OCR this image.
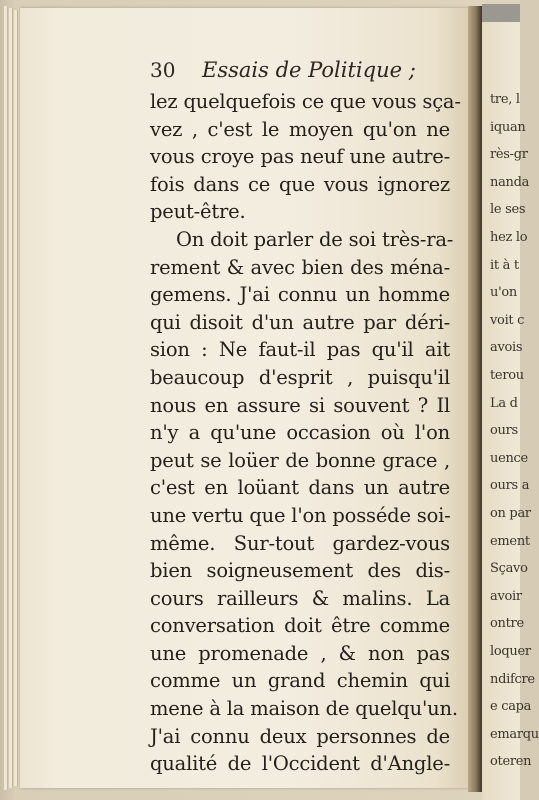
tre, l
iquan
rès-gr
nanda
le ses
hez lo
it à t
u'on
voit c
avois
terou
La d
ours
uence
ours a
on par
ement
Sçavo
avoir
ontre
loquer
ndifcre
e capa
emarqu
oteren
30 Essais de Politique ;
lez quelquefois ce que vous sça-
vez , c'est le moyen qu'on ne
vous croye pas neuf une autre-
fois dans ce que vous ignorez
peut-être.
On doit parler de soi très-ra-
rement & avec bien des ména-
gemens. J'ai connu un homme
qui disoit d'un autre par déri-
sion : Ne faut-il pas qu'il ait
beaucoup d'esprit , puisqu'il
nous en assure si souvent ? Il
n'y a qu'une occasion où l'on
peut se loüer de bonne grace ,
c'est en loüant dans un autre
une vertu que l'on posséde soi-
même. Sur-tout gardez-vous
bien soigneusement des dis-
cours railleurs & malins. La
conversation doit être comme
une promenade , & non pas
comme un grand chemin qui
mene à la maison de quelqu'un.
J'ai connu deux personnes de
qualité de l'Occident d'Angle-
